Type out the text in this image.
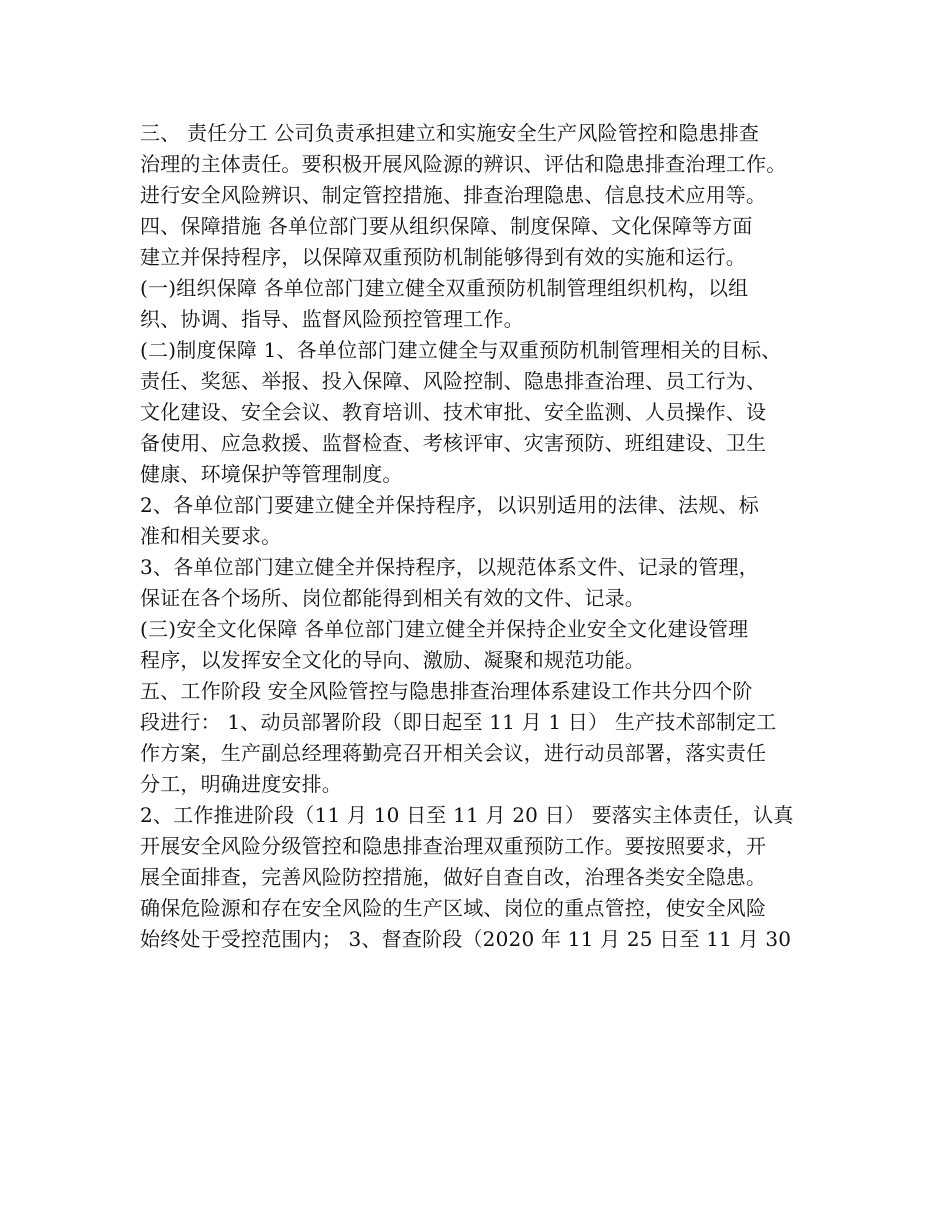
三、 责任分工 公司负责承担建立和实施安全生产风险管控和隐患排查
治理的主体责任。要积极开展风险源的辨识、评估和隐患排查治理工作。
进行安全风险辨识、制定管控措施、排查治理隐患、信息技术应用等。
四、保障措施 各单位部门要从组织保障、制度保障、文化保障等方面
建立并保持程序，以保障双重预防机制能够得到有效的实施和运行。
(一)组织保障 各单位部门建立健全双重预防机制管理组织机构，以组
织、协调、指导、监督风险预控管理工作。
(二)制度保障 1、各单位部门建立健全与双重预防机制管理相关的目标、
责任、奖惩、举报、投入保障、风险控制、隐患排查治理、员工行为、
文化建设、安全会议、教育培训、技术审批、安全监测、人员操作、设
备使用、应急救援、监督检查、考核评审、灾害预防、班组建设、卫生
健康、环境保护等管理制度。
2、各单位部门要建立健全并保持程序，以识别适用的法律、法规、标
准和相关要求。
3、各单位部门建立健全并保持程序，以规范体系文件、记录的管理，
保证在各个场所、岗位都能得到相关有效的文件、记录。
(三)安全文化保障 各单位部门建立健全并保持企业安全文化建设管理
程序，以发挥安全文化的导向、激励、凝聚和规范功能。
五、工作阶段 安全风险管控与隐患排查治理体系建设工作共分四个阶
段进行： 1、动员部署阶段（即日起至 11 月 1 日） 生产技术部制定工
作方案，生产副总经理蒋勤亮召开相关会议，进行动员部署，落实责任
分工，明确进度安排。
2、工作推进阶段（11 月 10 日至 11 月 20 日） 要落实主体责任，认真
开展安全风险分级管控和隐患排查治理双重预防工作。要按照要求，开
展全面排查，完善风险防控措施，做好自查自改，治理各类安全隐患。
确保危险源和存在安全风险的生产区域、岗位的重点管控，使安全风险
始终处于受控范围内； 3、督查阶段（2020 年 11 月 25 日至 11 月 30
